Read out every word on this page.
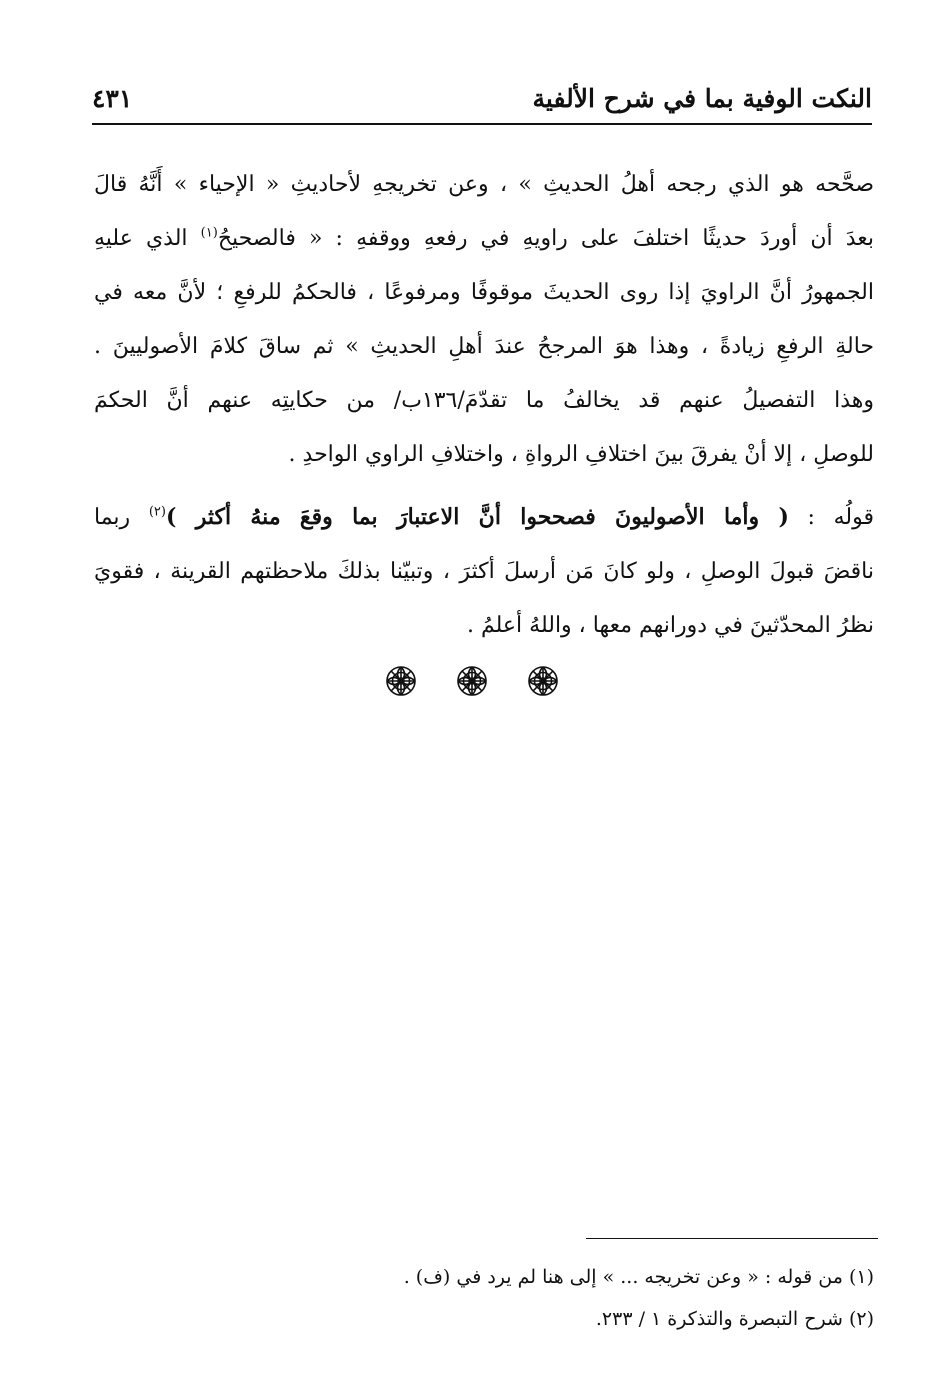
النكت الوفية بما في شرح الألفية
٤٣١
صحَّحه هو الذي رجحه أهلُ الحديثِ » ، وعن تخريجهِ لأحاديثِ « الإحياء » أَنَّهُ قالَ
بعدَ أن أوردَ حديثًا اختلفَ على راويهِ في رفعهِ ووقفهِ : « فالصحيحُ$^{(١)}$ الذي عليهِ
الجمهورُ أنَّ الراويَ إذا روى الحديثَ موقوفًا ومرفوعًا ، فالحكمُ للرفعِ ؛ لأنَّ معه في
حالةِ الرفعِ زيادةً ، وهذا هوَ المرجحُ عندَ أهلِ الحديثِ » ثم ساقَ كلامَ الأصوليينَ .
وهذا التفصيلُ عنهم قد يخالفُ ما تقدّمَ/١٣٦ب/ من حكايتِه عنهم أنَّ الحكمَ
للوصلِ ، إلا أنْ يفرقَ بينَ اختلافِ الرواةِ ، واختلافِ الراوي الواحدِ .
قولُه : ( وأما الأصوليونَ فصححوا أنَّ الاعتبارَ بما وقعَ منهُ أكثر )$^{(٢)}$ ربما
ناقضَ قبولَ الوصلِ ، ولو كانَ مَن أرسلَ أكثرَ ، وتبيّنا بذلكَ ملاحظتهم القرينة ، فقويَ
نظرُ المحدّثينَ في دورانهم معها ، واللهُ أعلمُ .

(١) من قوله : « وعن تخريجه ... » إلى هنا لم يرد في (ف) .

(٢) شرح التبصرة والتذكرة ١ / ٢٣٣.
